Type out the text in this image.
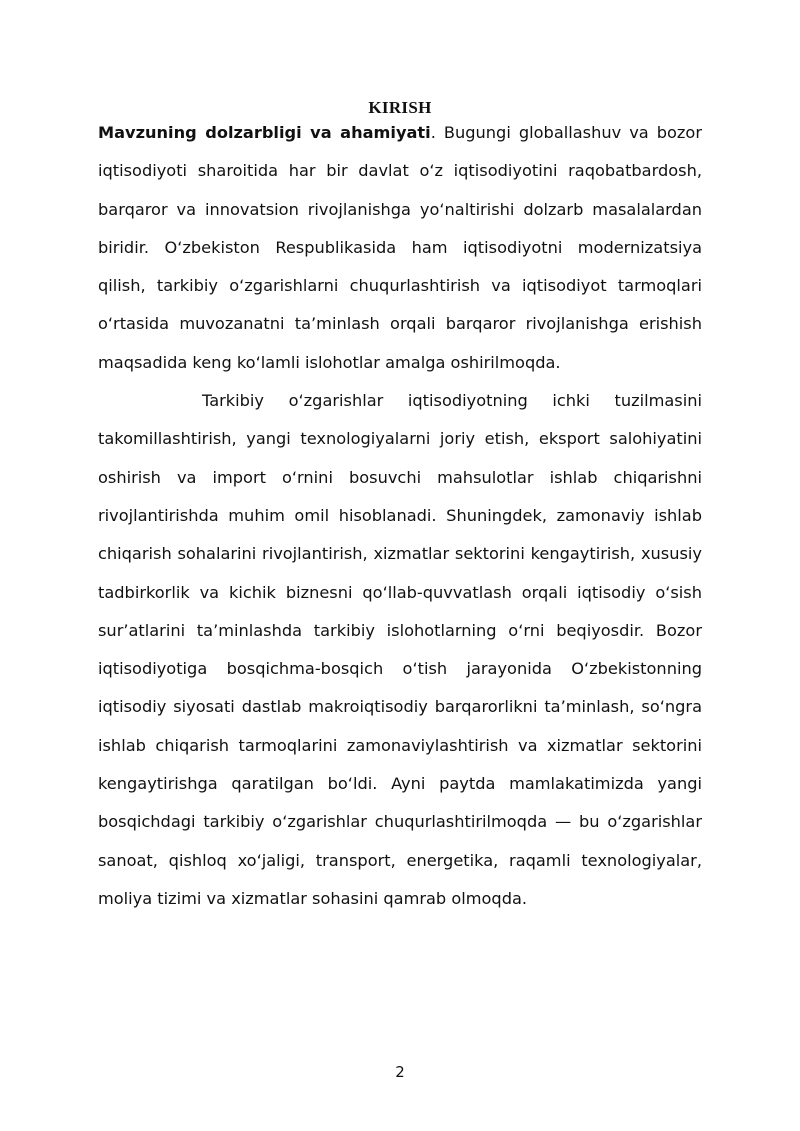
KIRISH

Mavzuning dolzarbligi va ahamiyati. Bugungi globallashuv va bozor iqtisodiyoti sharoitida har bir davlat o‘z iqtisodiyotini raqobatbardosh, barqaror va innovatsion rivojlanishga yo‘naltirishi dolzarb masalalardan biridir. O‘zbekiston Respublikasida ham iqtisodiyotni modernizatsiya qilish, tarkibiy o‘zgarishlarni chuqurlashtirish va iqtisodiyot tarmoqlari o‘rtasida muvozanatni ta’minlash orqali barqaror rivojlanishga erishish maqsadida keng ko‘lamli islohotlar amalga oshirilmoqda.

Tarkibiy o‘zgarishlar iqtisodiyotning ichki tuzilmasini takomillashtirish, yangi texnologiyalarni joriy etish, eksport salohiyatini oshirish va import o‘rnini bosuvchi mahsulotlar ishlab chiqarishni rivojlantirishda muhim omil hisoblanadi. Shuningdek, zamonaviy ishlab chiqarish sohalarini rivojlantirish, xizmatlar sektorini kengaytirish, xususiy tadbirkorlik va kichik biznesni qo‘llab-quvvatlash orqali iqtisodiy o‘sish sur’atlarini ta’minlashda tarkibiy islohotlarning o‘rni beqiyosdir. Bozor iqtisodiyotiga bosqichma-bosqich o‘tish jarayonida O‘zbekistonning iqtisodiy siyosati dastlab makroiqtisodiy barqarorlikni ta’minlash, so‘ngra ishlab chiqarish tarmoqlarini zamonaviylashtirish va xizmatlar sektorini kengaytirishga qaratilgan bo‘ldi. Ayni paytda mamlakatimizda yangi bosqichdagi tarkibiy o‘zgarishlar chuqurlashtirilmoqda — bu o‘zgarishlar sanoat, qishloq xo‘jaligi, transport, energetika, raqamli texnologiyalar, moliya tizimi va xizmatlar sohasini qamrab olmoqda.

2
